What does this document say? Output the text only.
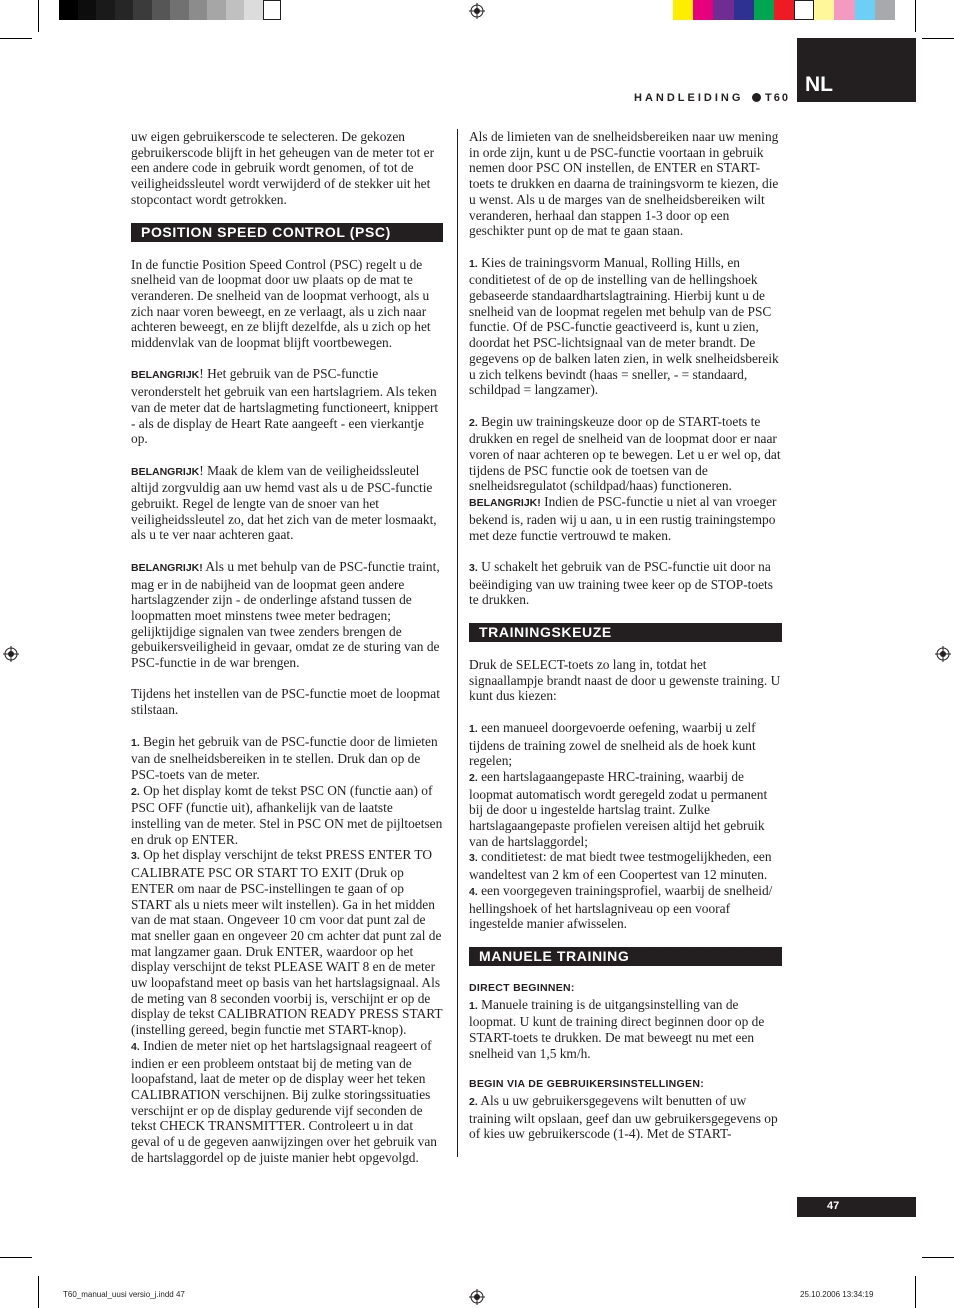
HANDLEIDING T60
NL

uw eigen gebruikerscode te selecteren. De gekozen gebruikerscode blijft in het geheugen van de meter tot er een andere code in gebruik wordt genomen, of tot de veiligheidssleutel wordt verwijderd of de stekker uit het stopcontact wordt getrokken.

POSITION SPEED CONTROL (PSC)

In de functie Position Speed Control (PSC) regelt u de snelheid van de loopmat door uw plaats op de mat te veranderen. De snelheid van de loopmat verhoogt, als u zich naar voren beweegt, en ze verlaagt, als u zich naar achteren beweegt, en ze blijft dezelfde, als u zich op het middenvlak van de loopmat blijft voortbewegen.

BELANGRIJK! Het gebruik van de PSC-functie veronderstelt het gebruik van een hartslagriem. Als teken van de meter dat de hartslagmeting functioneert, knippert - als de display de Heart Rate aangeeft - een vierkantje op.

BELANGRIJK! Maak de klem van de veiligheidssleutel altijd zorgvuldig aan uw hemd vast als u de PSC-functie gebruikt. Regel de lengte van de snoer van het veiligheidssleutel zo, dat het zich van de meter losmaakt, als u te ver naar achteren gaat.

BELANGRIJK! Als u met behulp van de PSC-functie traint, mag er in de nabijheid van de loopmat geen andere hartslagzender zijn - de onderlinge afstand tussen de loopmatten moet minstens twee meter bedragen; gelijktijdige signalen van twee zenders brengen de gebuikersveiligheid in gevaar, omdat ze de sturing van de PSC-functie in de war brengen.

Tijdens het instellen van de PSC-functie moet de loopmat stilstaan.

1. Begin het gebruik van de PSC-functie door de limieten van de snelheidsbereiken in te stellen. Druk dan op de PSC-toets van de meter.

2. Op het display komt de tekst PSC ON (functie aan) of PSC OFF (functie uit), afhankelijk van de laatste instelling van de meter. Stel in PSC ON met de pijltoetsen en druk op ENTER.

3. Op het display verschijnt de tekst PRESS ENTER TO CALIBRATE PSC OR START TO EXIT (Druk op ENTER om naar de PSC-instellingen te gaan of op START als u niets meer wilt instellen). Ga in het midden van de mat staan. Ongeveer 10 cm voor dat punt zal de mat sneller gaan en ongeveer 20 cm achter dat punt zal de mat langzamer gaan. Druk ENTER, waardoor op het display verschijnt de tekst PLEASE WAIT 8 en de meter uw loopafstand meet op basis van het hartslagsignaal. Als de meting van 8 seconden voorbij is, verschijnt er op de display de tekst CALIBRATION READY PRESS START (instelling gereed, begin functie met START-knop).

4. Indien de meter niet op het hartslagsignaal reageert of indien er een probleem ontstaat bij de meting van de loopafstand, laat de meter op de display weer het teken CALIBRATION verschijnen. Bij zulke storingssituaties verschijnt er op de display gedurende vijf seconden de tekst CHECK TRANSMITTER. Controleert u in dat geval of u de gegeven aanwijzingen over het gebruik van de hartslaggordel op de juiste manier hebt opgevolgd.

Als de limieten van de snelheidsbereiken naar uw mening in orde zijn, kunt u de PSC-functie voortaan in gebruik nemen door PSC ON instellen, de ENTER en START-toets te drukken en daarna de trainingsvorm te kiezen, die u wenst. Als u de marges van de snelheidsbereiken wilt veranderen, herhaal dan stappen 1-3 door op een geschikter punt op de mat te gaan staan.

1. Kies de trainingsvorm Manual, Rolling Hills, en conditietest of de op de instelling van de hellingshoek gebaseerde standaardhartslagtraining. Hierbij kunt u de snelheid van de loopmat regelen met behulp van de PSC functie. Of de PSC-functie geactiveerd is, kunt u zien, doordat het PSC-lichtsignaal van de meter brandt. De gegevens op de balken laten zien, in welk snelheidsbereik u zich telkens bevindt (haas = sneller, - = standaard, schildpad = langzamer).

2. Begin uw trainingskeuze door op de START-toets te drukken en regel de snelheid van de loopmat door er naar voren of naar achteren op te bewegen. Let u er wel op, dat tijdens de PSC functie ook de toetsen van de snelheidsregulatot (schildpad/haas) functioneren.

BELANGRIJK! Indien de PSC-functie u niet al van vroeger bekend is, raden wij u aan, u in een rustig trainingstempo met deze functie vertrouwd te maken.

3. U schakelt het gebruik van de PSC-functie uit door na beëindiging van uw training twee keer op de STOP-toets te drukken.

TRAININGSKEUZE

Druk de SELECT-toets zo lang in, totdat het signaallampje brandt naast de door u gewenste training. U kunt dus kiezen:

1. een manueel doorgevoerde oefening, waarbij u zelf tijdens de training zowel de snelheid als de hoek kunt regelen;

2. een hartslagaangepaste HRC-training, waarbij de loopmat automatisch wordt geregeld zodat u permanent bij de door u ingestelde hartslag traint. Zulke hartslagaangepaste profielen vereisen altijd het gebruik van de hartslaggordel;

3. conditietest: de mat biedt twee testmogelijkheden, een wandeltest van 2 km of een Coopertest van 12 minuten.

4. een voorgegeven trainingsprofiel, waarbij de snelheid/ hellingshoek of het hartslagniveau op een vooraf ingestelde manier afwisselen.

MANUELE TRAINING

DIRECT BEGINNEN:

1. Manuele training is de uitgangsinstelling van de loopmat. U kunt de training direct beginnen door op de START-toets te drukken. De mat beweegt nu met een snelheid van 1,5 km/h.

BEGIN VIA DE GEBRUIKERSINSTELLINGEN:

2. Als u uw gebruikersgegevens wilt benutten of uw training wilt opslaan, geef dan uw gebruikersgegevens op of kies uw gebruikerscode (1-4). Met de START-

47
T60_manual_uusi versio_j.indd 47	25.10.2006 13:34:19
